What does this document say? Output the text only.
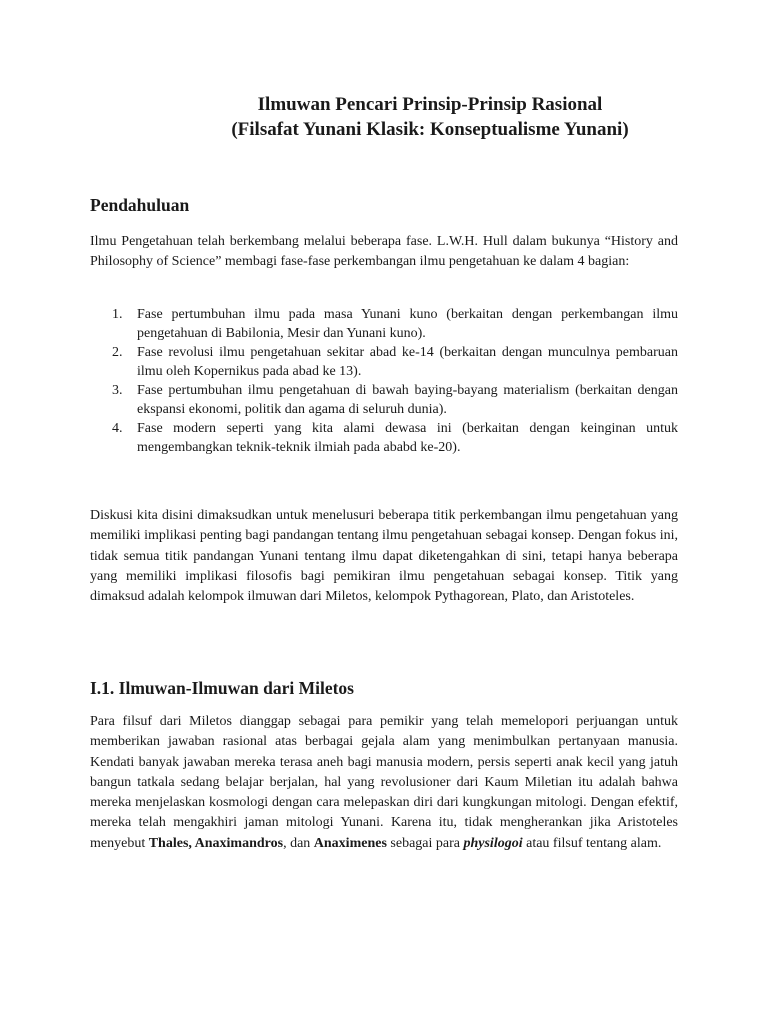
Ilmuwan Pencari Prinsip-Prinsip Rasional
(Filsafat Yunani Klasik: Konseptualisme Yunani)
Pendahuluan
Ilmu Pengetahuan telah berkembang melalui beberapa fase. L.W.H. Hull dalam bukunya “History and Philosophy of Science” membagi fase-fase perkembangan ilmu pengetahuan ke dalam 4 bagian:
1. Fase pertumbuhan ilmu pada masa Yunani kuno (berkaitan dengan perkembangan ilmu pengetahuan di Babilonia, Mesir dan Yunani kuno).
2. Fase revolusi ilmu pengetahuan sekitar abad ke-14 (berkaitan dengan munculnya pembaruan ilmu oleh Kopernikus pada abad ke 13).
3. Fase pertumbuhan ilmu pengetahuan di bawah baying-bayang materialism (berkaitan dengan ekspansi ekonomi, politik dan agama di seluruh dunia).
4. Fase modern seperti yang kita alami dewasa ini (berkaitan dengan keinginan untuk mengembangkan teknik-teknik ilmiah pada ababd ke-20).
Diskusi kita disini dimaksudkan untuk menelusuri beberapa titik perkembangan ilmu pengetahuan yang memiliki implikasi penting bagi pandangan tentang ilmu pengetahuan sebagai konsep. Dengan fokus ini, tidak semua titik pandangan Yunani tentang ilmu dapat diketengahkan di sini, tetapi hanya beberapa yang memiliki implikasi filosofis bagi pemikiran ilmu pengetahuan sebagai konsep. Titik yang dimaksud adalah kelompok ilmuwan dari Miletos, kelompok Pythagorean, Plato, dan Aristoteles.
I.1. Ilmuwan-Ilmuwan dari Miletos
Para filsuf dari Miletos dianggap sebagai para pemikir yang telah memelopori perjuangan untuk memberikan jawaban rasional atas berbagai gejala alam yang menimbulkan pertanyaan manusia. Kendati banyak jawaban mereka terasa aneh bagi manusia modern, persis seperti anak kecil yang jatuh bangun tatkala sedang belajar berjalan, hal yang revolusioner dari Kaum Miletian itu adalah bahwa mereka menjelaskan kosmologi dengan cara melepaskan diri dari kungkungan mitologi. Dengan efektif, mereka telah mengakhiri jaman mitologi Yunani. Karena itu, tidak mengherankan jika Aristoteles menyebut Thales, Anaximandros, dan Anaximenes sebagai para physilogoi atau filsuf tentang alam.
